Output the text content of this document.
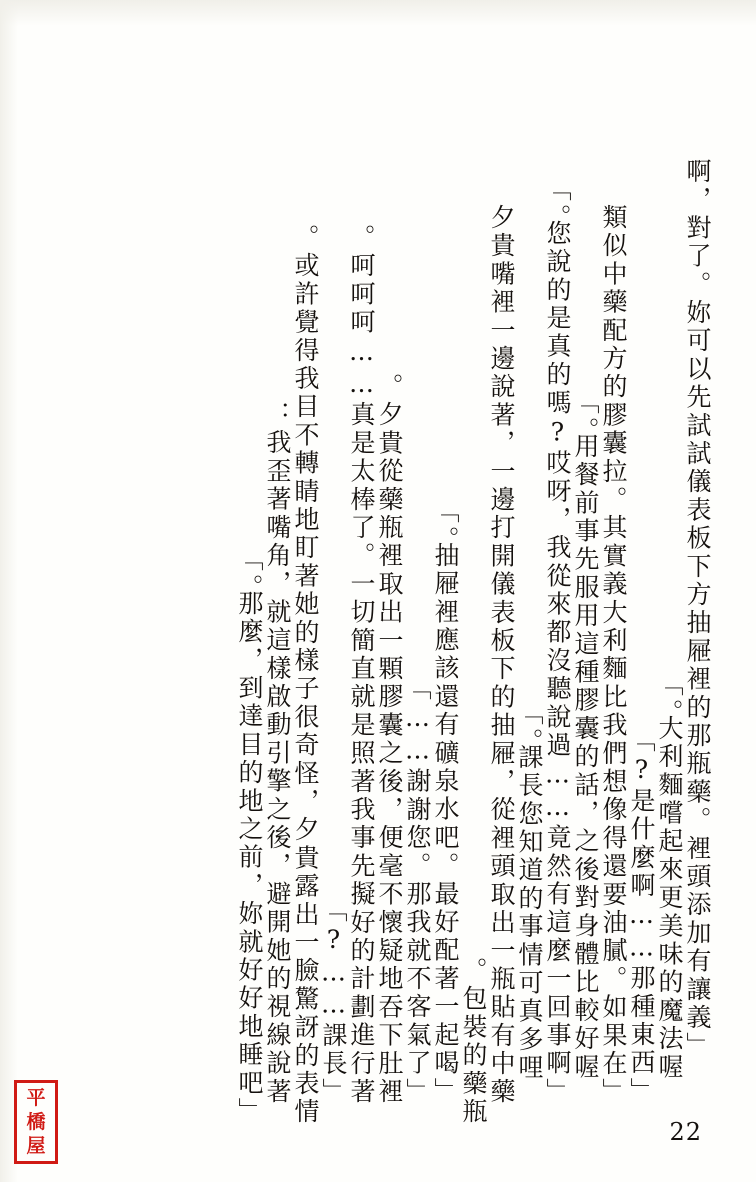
「啊，對了。妳可以先試試儀表板下方抽屜裡的那瓶藥。裡頭添加有讓義
大利麵嚐起來更美味的魔法喔。」
「是什麼啊……那種東西?」
「類似中藥配方的膠囊拉。其實義大利麵比我們想像得還要油膩。如果在
用餐前事先服用這種膠囊的話，之後對身體比較好喔。」
「您說的是真的嗎?哎呀，我從來都沒聽說過……竟然有這麼一回事啊。」
課長您知道的事情可真多哩。」
夕貴嘴裡一邊說著，一邊打開儀表板下的抽屜，從裡頭取出一瓶貼有中藥
包裝的藥瓶。
「抽屜裡應該還有礦泉水吧。最好配著一起喝。」
「謝謝您。那我就不客氣了……」
夕貴從藥瓶裡取出一顆膠囊之後，便毫不懷疑地吞下肚裡。
呵呵呵……真是太棒了。一切簡直就是照著我事先擬好的計劃進行著。
「課長……?」
或許覺得我目不轉睛地盯著她的樣子很奇怪，夕貴露出一臉驚訝的表情。
我歪著嘴角，就這樣啟動引擎之後，避開她的視線說著：
「那麼，到達目的地之前，妳就好好地睡吧。」
22
平
橋
屋
